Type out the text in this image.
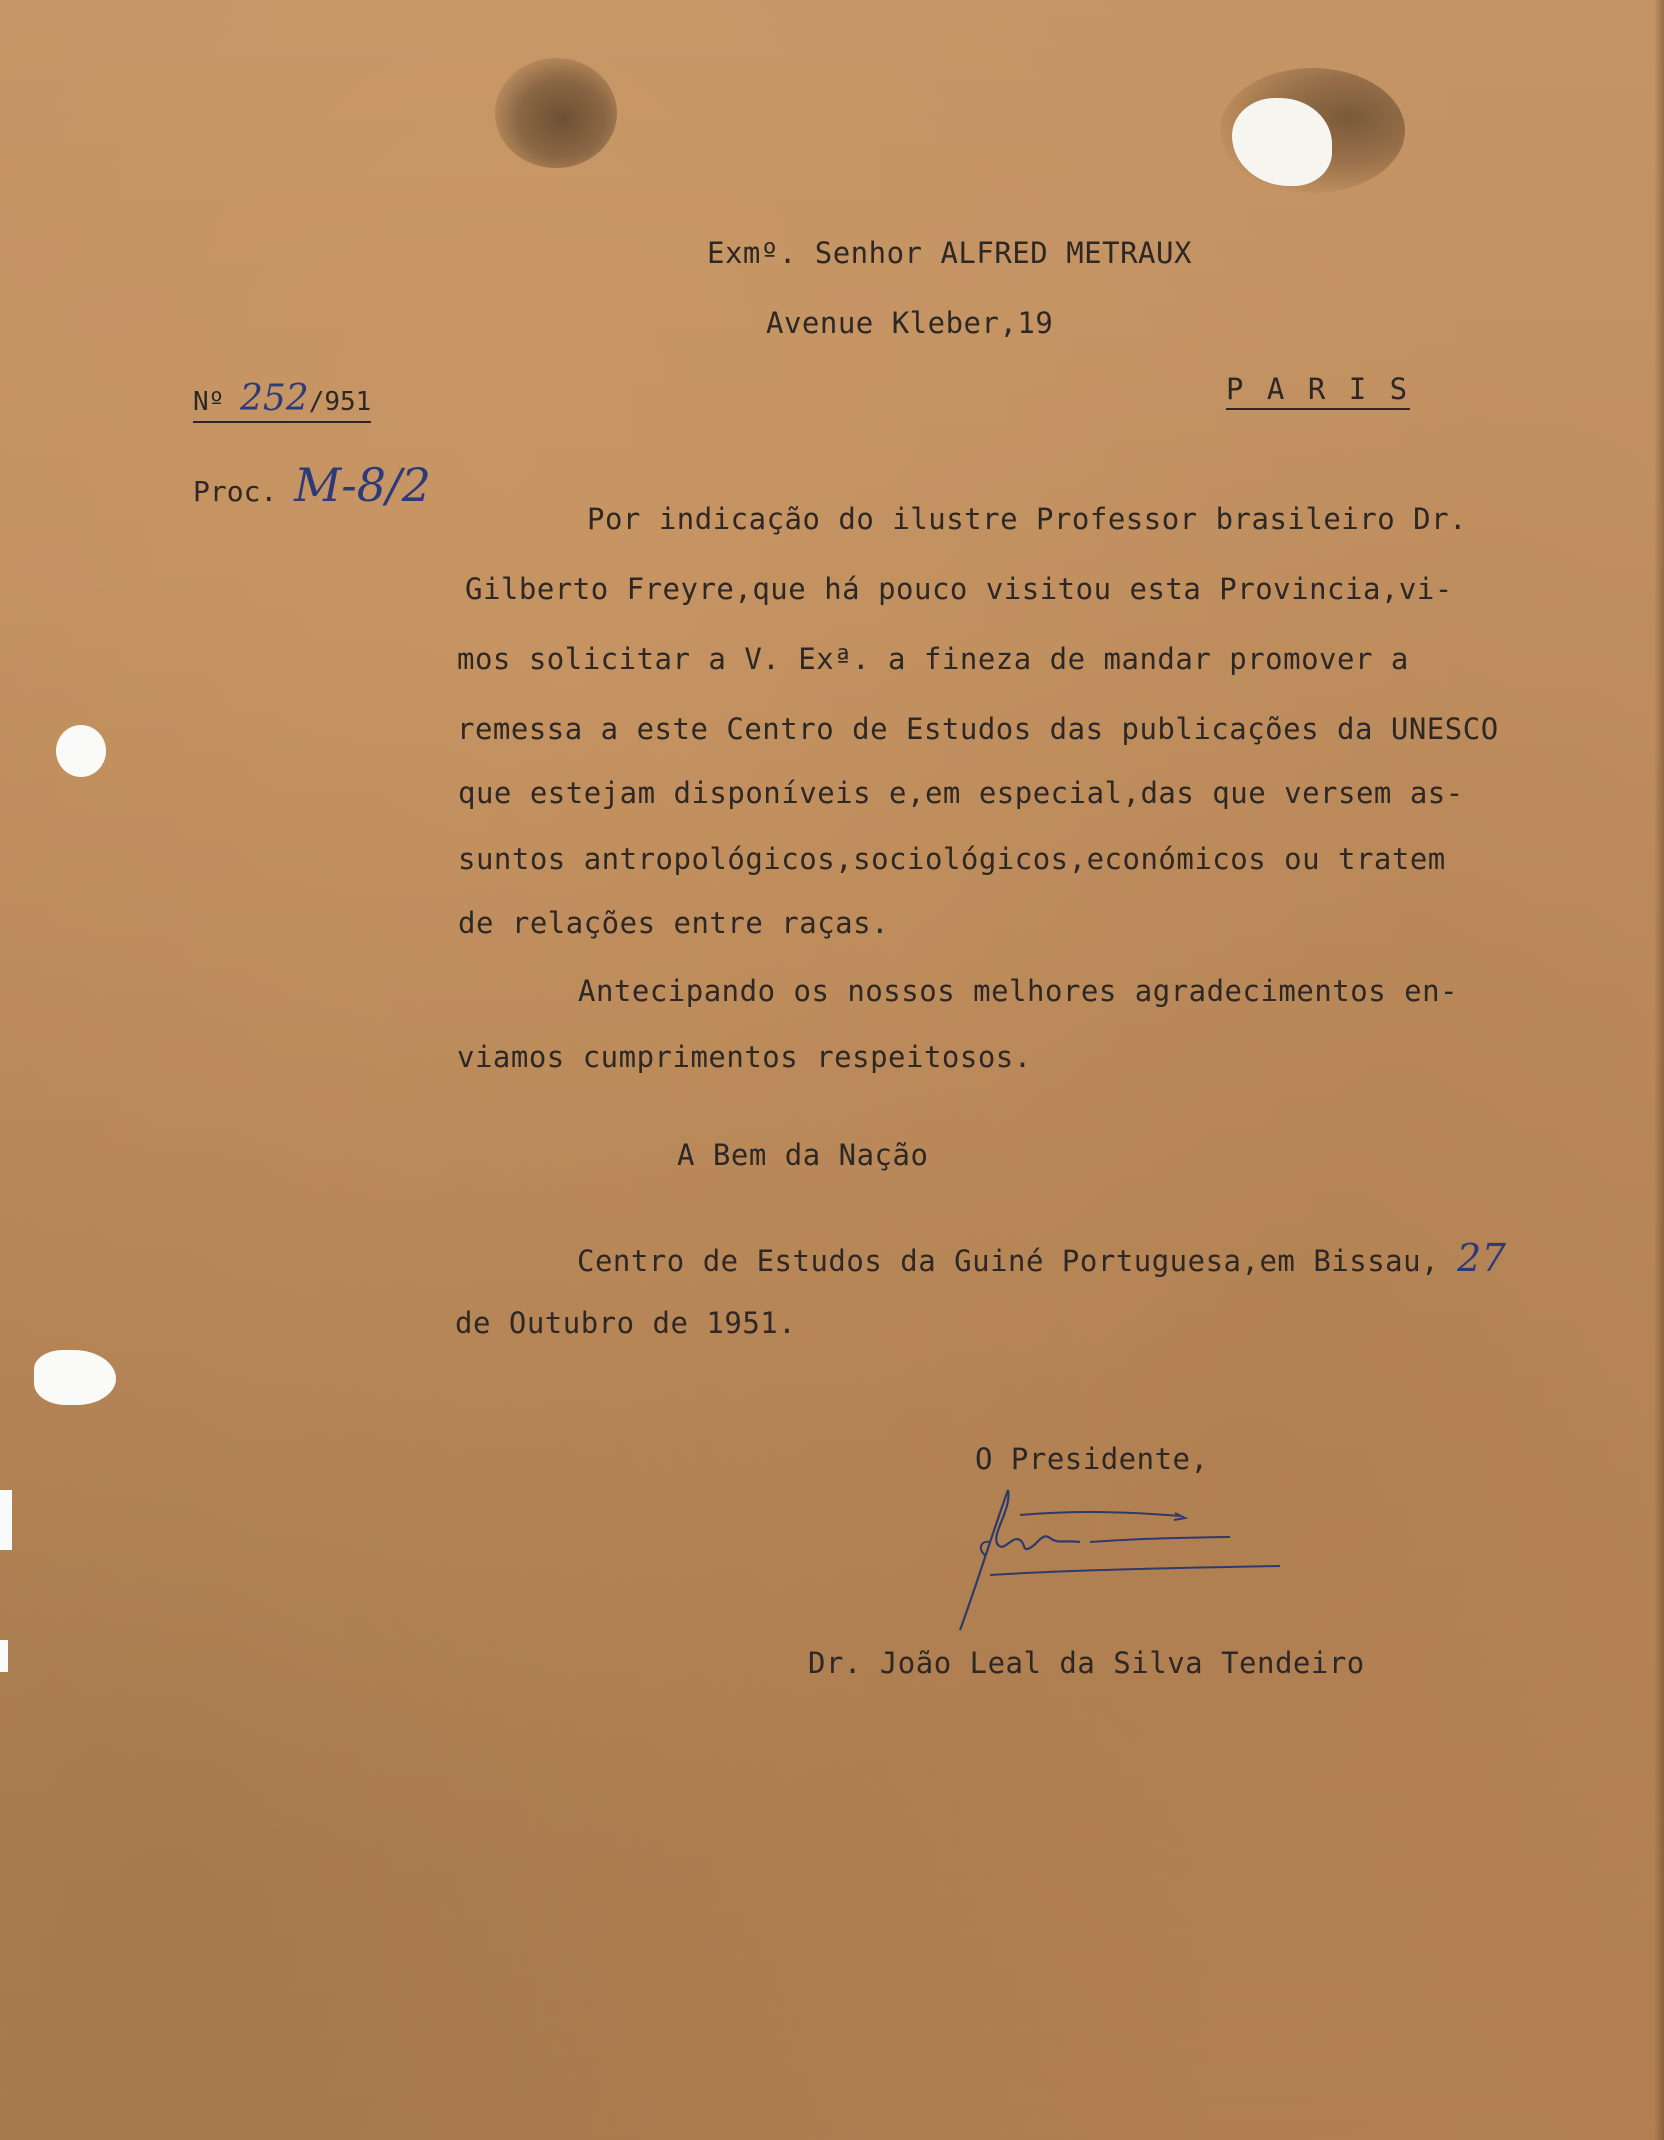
Exmº. Senhor ALFRED METRAUX
Avenue Kleber,19
P A R I S
Nº 252/951
Proc. M-8/2
Por indicação do ilustre Professor brasileiro Dr.
Gilberto Freyre,que há pouco visitou esta Provincia,vi-
mos solicitar a V. Exª. a fineza de mandar promover a
remessa a este Centro de Estudos das publicações da UNESCO
que estejam disponíveis e,em especial,das que versem as-
suntos antropológicos,sociológicos,económicos ou tratem
de relações entre raças.
Antecipando os nossos melhores agradecimentos en-
viamos cumprimentos respeitosos.
A Bem da Nação
Centro de Estudos da Guiné Portuguesa,em Bissau, 27
de Outubro de 1951.
O Presidente,
Dr. João Leal da Silva Tendeiro
